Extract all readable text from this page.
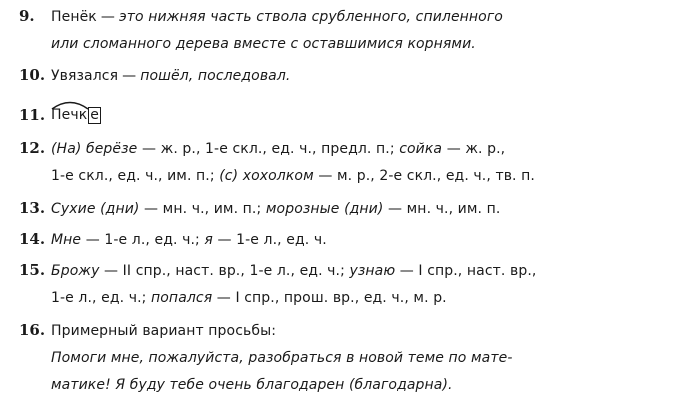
9. Пенёк — это нижняя часть ствола срубленного, спиленного
или сломанного дерева вместе с оставшимися корнями.
10. Увязался — пошёл, последовал.
11. Печк е
12. (На) берёзе — ж. р., 1-е скл., ед. ч., предл. п.; сойка — ж. р.,
1-е скл., ед. ч., им. п.; (с) хохолком — м. р., 2-е скл., ед. ч., тв. п.
13. Сухие (дни) — мн. ч., им. п.; морозные (дни) — мн. ч., им. п.
14. Мне — 1-е л., ед. ч.; я — 1-е л., ед. ч.
15. Брожу — II спр., наст. вр., 1-е л., ед. ч.; узнаю — I спр., наст. вр.,
1-е л., ед. ч.; попался — I спр., прош. вр., ед. ч., м. р.
16. Примерный вариант просьбы:
Помоги мне, пожалуйста, разобраться в новой теме по мате-
матике! Я буду тебе очень благодарен (благодарна).
